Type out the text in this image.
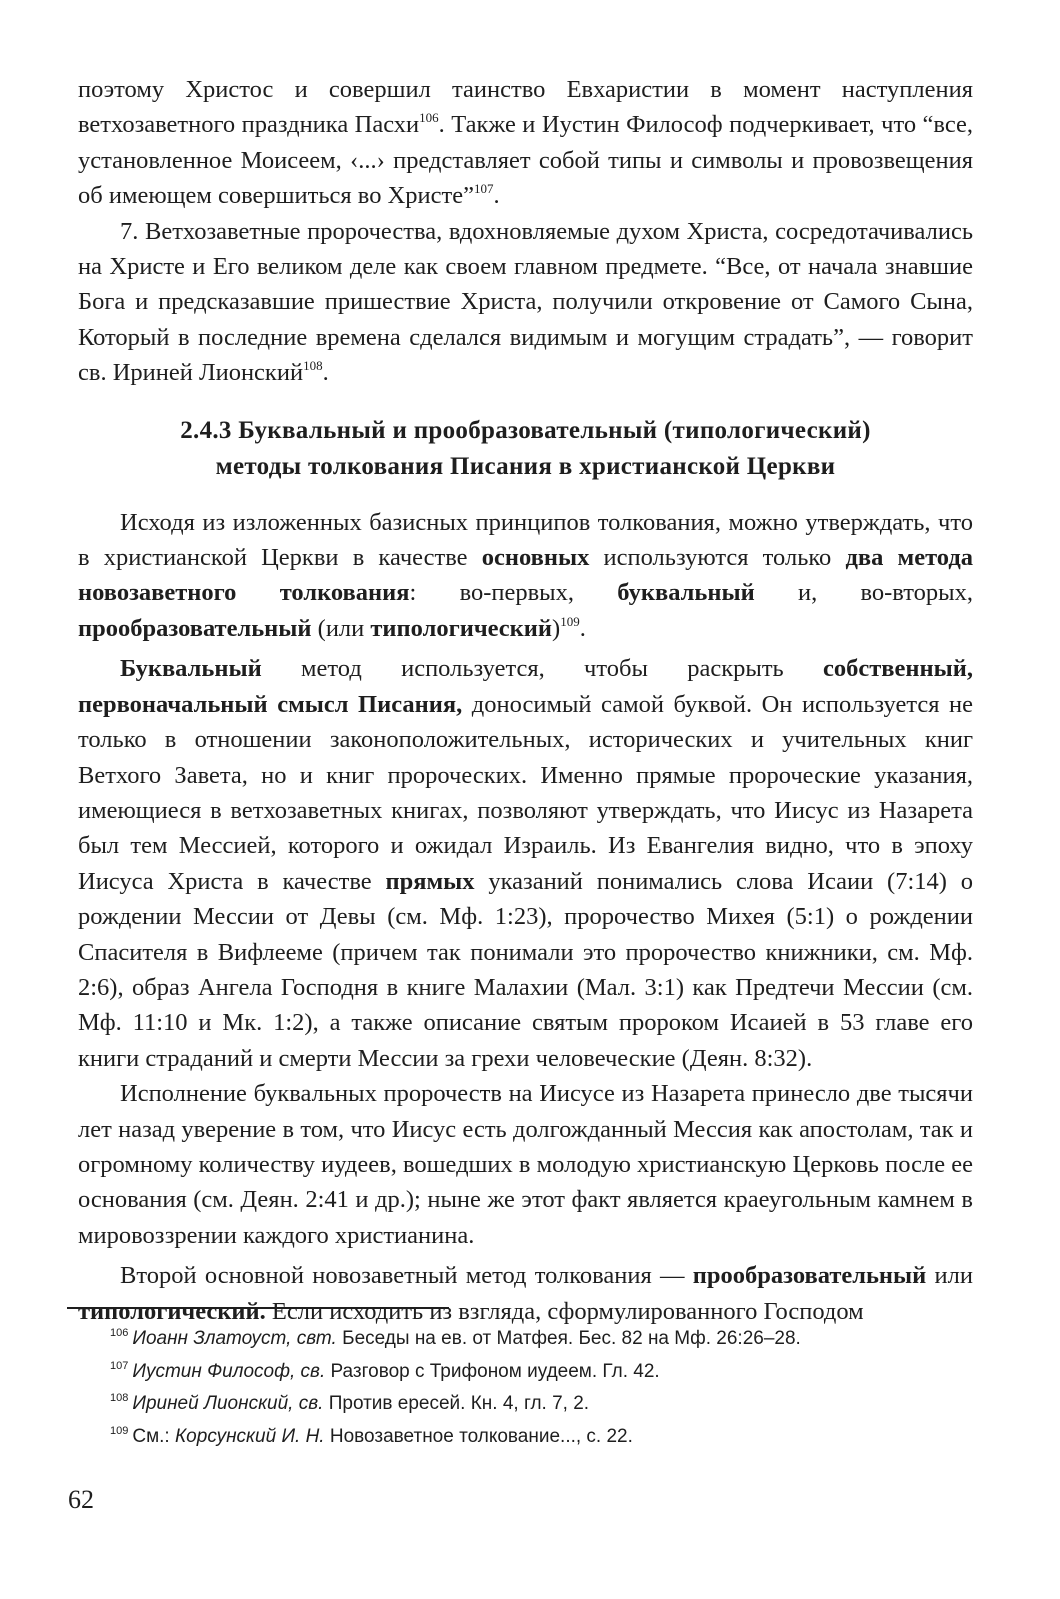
поэтому Христос и совершил таинство Евхаристии в момент наступления ветхозаветного праздника Пасхи$^{106}$. Также и Иустин Философ подчеркивает, что “все, установленное Моисеем, ‹...› представляет собой типы и символы и провозвещения об имеющем совершиться во Христе”$^{107}$.

7. Ветхозаветные пророчества, вдохновляемые духом Христа, сосредотачивались на Христе и Его великом деле как своем главном предмете. “Все, от начала знавшие Бога и предсказавшие пришествие Христа, получили откровение от Самого Сына, Который в последние времена сделался видимым и могущим страдать”, — говорит св. Ириней Лионский$^{108}$.

2.4.3 Буквальный и прообразовательный (типологический)
методы толкования Писания в христианской Церкви

Исходя из изложенных базисных принципов толкования, можно утверждать, что в христианской Церкви в качестве основных используются только два метода новозаветного толкования: во-первых, буквальный и, во-вторых, прообразовательный (или типологический)$^{109}$.

Буквальный метод используется, чтобы раскрыть собственный, первоначальный смысл Писания, доносимый самой буквой. Он используется не только в отношении законоположительных, исторических и учительных книг Ветхого Завета, но и книг пророческих. Именно прямые пророческие указания, имеющиеся в ветхозаветных книгах, позволяют утверждать, что Иисус из Назарета был тем Мессией, которого и ожидал Израиль. Из Евангелия видно, что в эпоху Иисуса Христа в качестве прямых указаний понимались слова Исаии (7:14) о рождении Мессии от Девы (см. Мф. 1:23), пророчество Михея (5:1) о рождении Спасителя в Вифлееме (причем так понимали это пророчество книжники, см. Мф. 2:6), образ Ангела Господня в книге Малахии (Мал. 3:1) как Предтечи Мессии (см. Мф. 11:10 и Мк. 1:2), а также описание святым пророком Исаией в 53 главе его книги страданий и смерти Мессии за грехи человеческие (Деян. 8:32).

Исполнение буквальных пророчеств на Иисусе из Назарета принесло две тысячи лет назад уверение в том, что Иисус есть долгожданный Мессия как апостолам, так и огромному количеству иудеев, вошедших в молодую христианскую Церковь после ее основания (см. Деян. 2:41 и др.); ныне же этот факт является краеугольным камнем в мировоззрении каждого христианина.

Второй основной новозаветный метод толкования — прообразовательный или типологический. Если исходить из взгляда, сформулированного Господом

$^{106}$ Иоанн Златоуст, свт. Беседы на ев. от Матфея. Бес. 82 на Мф. 26:26–28.

$^{107}$ Иустин Философ, св. Разговор с Трифоном иудеем. Гл. 42.

$^{108}$ Ириней Лионский, св. Против ересей. Кн. 4, гл. 7, 2.

$^{109}$ См.: Корсунский И. Н. Новозаветное толкование..., с. 22.

62
